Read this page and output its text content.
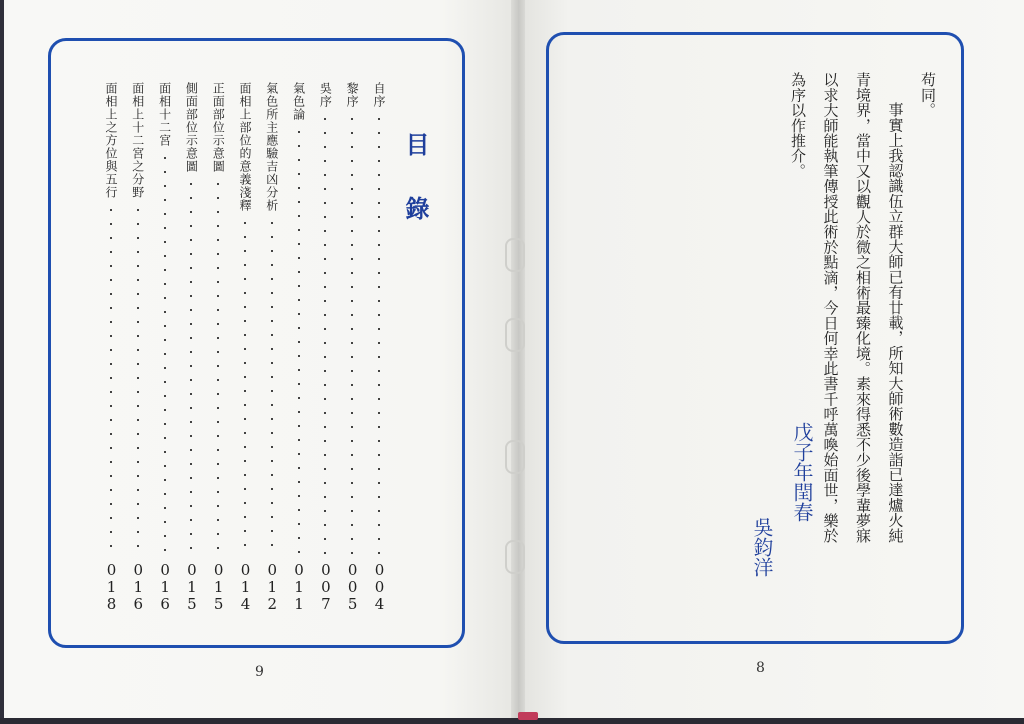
目錄
自序
004
黎序
005
吳序
007
氣色論
011
氣色所主應驗吉凶分析
012
面相上部位的意義淺釋
014
正面部位示意圖
015
側面部位示意圖
015
面相十二宮
016
面相上十二宮之分野
016
面相上之方位與五行
018
9
苟同。
事實上我認識伍立群大師已有廿載，所知大師術數造詣已達爐火純
青境界，當中又以觀人於微之相術最臻化境。素來得悉不少後學輩夢寐
以求大師能執筆傳授此術於點滴，今日何幸此書千呼萬喚始面世，樂於
為序以作推介。
戊子年閏春
吳鈞洋
8
